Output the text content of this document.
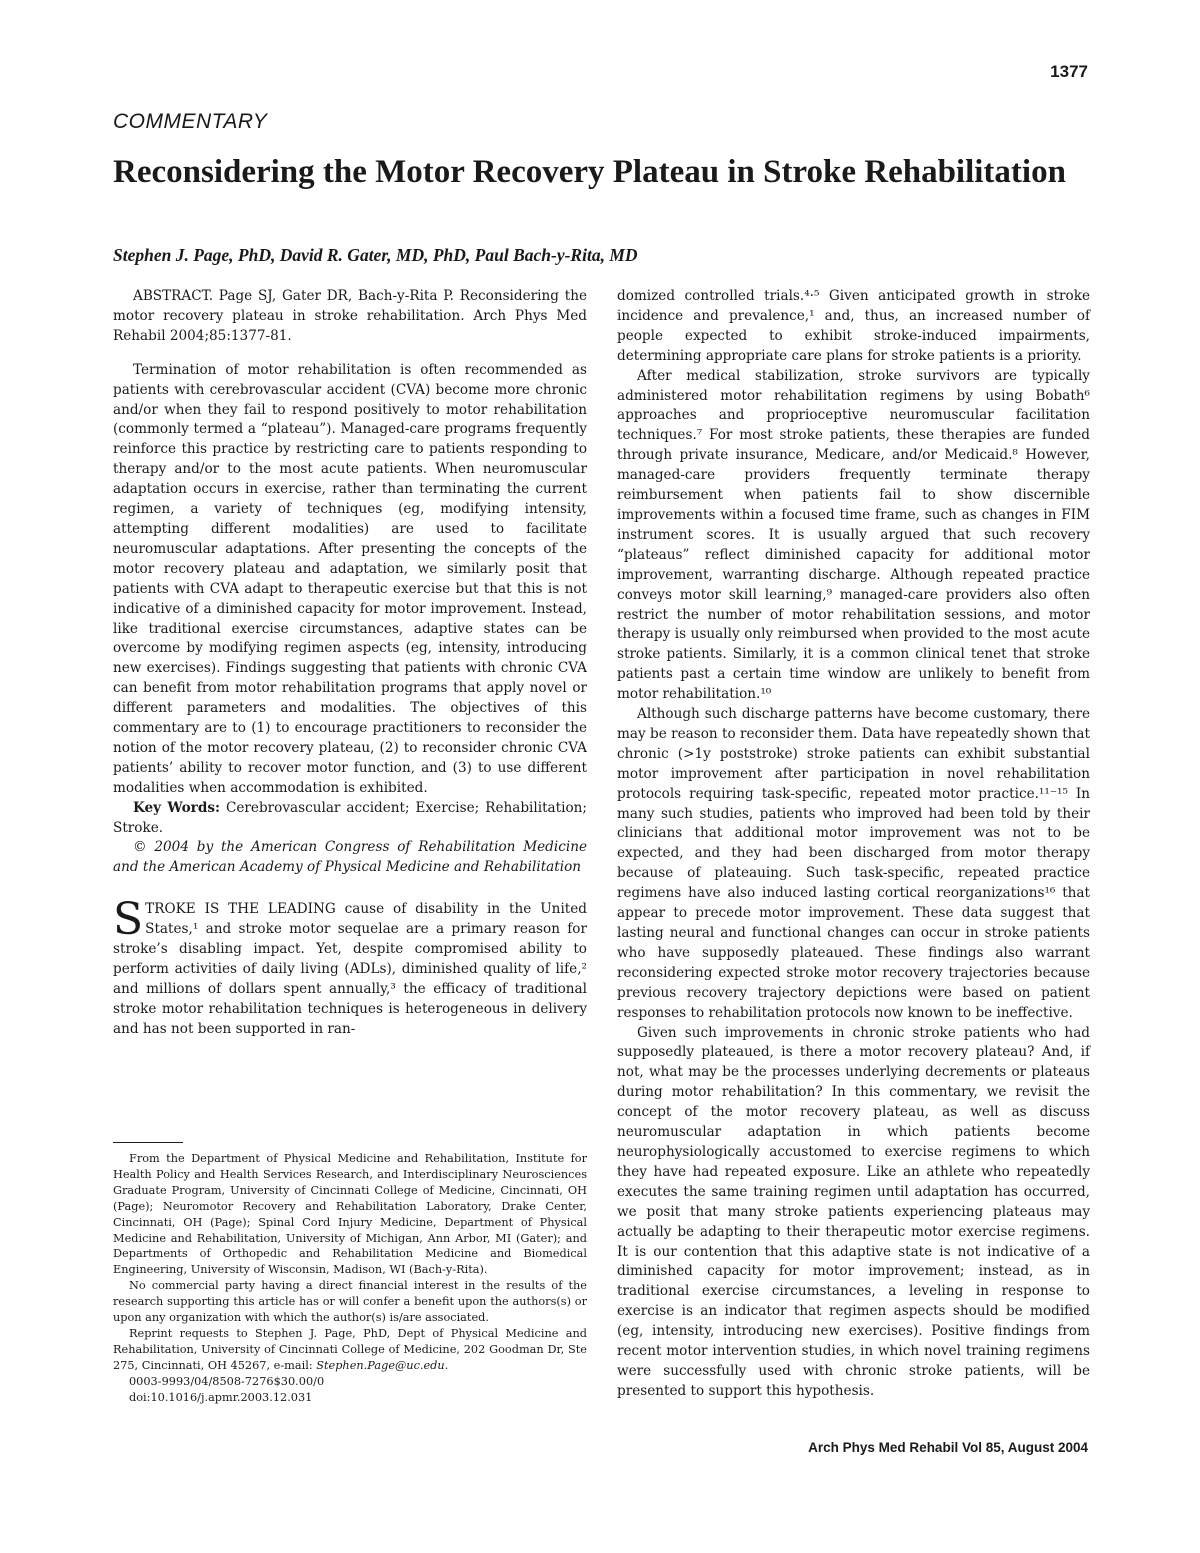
1377
COMMENTARY
Reconsidering the Motor Recovery Plateau in Stroke Rehabilitation
Stephen J. Page, PhD, David R. Gater, MD, PhD, Paul Bach-y-Rita, MD

ABSTRACT. Page SJ, Gater DR, Bach-y-Rita P. Reconsidering the motor recovery plateau in stroke rehabilitation. Arch Phys Med Rehabil 2004;85:1377-81.

Termination of motor rehabilitation is often recommended as patients with cerebrovascular accident (CVA) become more chronic and/or when they fail to respond positively to motor rehabilitation (commonly termed a “plateau”). Managed-care programs frequently reinforce this practice by restricting care to patients responding to therapy and/or to the most acute patients. When neuromuscular adaptation occurs in exercise, rather than terminating the current regimen, a variety of techniques (eg, modifying intensity, attempting different modalities) are used to facilitate neuromuscular adaptations. After presenting the concepts of the motor recovery plateau and adaptation, we similarly posit that patients with CVA adapt to therapeutic exercise but that this is not indicative of a diminished capacity for motor improvement. Instead, like traditional exercise circumstances, adaptive states can be overcome by modifying regimen aspects (eg, intensity, introducing new exercises). Findings suggesting that patients with chronic CVA can benefit from motor rehabilitation programs that apply novel or different parameters and modalities. The objectives of this commentary are to (1) to encourage practitioners to reconsider the notion of the motor recovery plateau, (2) to reconsider chronic CVA patients’ ability to recover motor function, and (3) to use different modalities when accommodation is exhibited.

Key Words: Cerebrovascular accident; Exercise; Rehabilitation; Stroke.

© 2004 by the American Congress of Rehabilitation Medicine and the American Academy of Physical Medicine and Rehabilitation

STROKE IS THE LEADING cause of disability in the United States,¹ and stroke motor sequelae are a primary reason for stroke’s disabling impact. Yet, despite compromised ability to perform activities of daily living (ADLs), diminished quality of life,² and millions of dollars spent annually,³ the efficacy of traditional stroke motor rehabilitation techniques is heterogeneous in delivery and has not been supported in ran-

From the Department of Physical Medicine and Rehabilitation, Institute for Health Policy and Health Services Research, and Interdisciplinary Neurosciences Graduate Program, University of Cincinnati College of Medicine, Cincinnati, OH (Page); Neuromotor Recovery and Rehabilitation Laboratory, Drake Center, Cincinnati, OH (Page); Spinal Cord Injury Medicine, Department of Physical Medicine and Rehabilitation, University of Michigan, Ann Arbor, MI (Gater); and Departments of Orthopedic and Rehabilitation Medicine and Biomedical Engineering, University of Wisconsin, Madison, WI (Bach-y-Rita).

No commercial party having a direct financial interest in the results of the research supporting this article has or will confer a benefit upon the authors(s) or upon any organization with which the author(s) is/are associated.

Reprint requests to Stephen J. Page, PhD, Dept of Physical Medicine and Rehabilitation, University of Cincinnati College of Medicine, 202 Goodman Dr, Ste 275, Cincinnati, OH 45267, e-mail: Stephen.Page@uc.edu.

0003-9993/04/8508-7276$30.00/0

doi:10.1016/j.apmr.2003.12.031

domized controlled trials.⁴·⁵ Given anticipated growth in stroke incidence and prevalence,¹ and, thus, an increased number of people expected to exhibit stroke-induced impairments, determining appropriate care plans for stroke patients is a priority.

After medical stabilization, stroke survivors are typically administered motor rehabilitation regimens by using Bobath⁶ approaches and proprioceptive neuromuscular facilitation techniques.⁷ For most stroke patients, these therapies are funded through private insurance, Medicare, and/or Medicaid.⁸ However, managed-care providers frequently terminate therapy reimbursement when patients fail to show discernible improvements within a focused time frame, such as changes in FIM instrument scores. It is usually argued that such recovery “plateaus” reflect diminished capacity for additional motor improvement, warranting discharge. Although repeated practice conveys motor skill learning,⁹ managed-care providers also often restrict the number of motor rehabilitation sessions, and motor therapy is usually only reimbursed when provided to the most acute stroke patients. Similarly, it is a common clinical tenet that stroke patients past a certain time window are unlikely to benefit from motor rehabilitation.¹⁰

Although such discharge patterns have become customary, there may be reason to reconsider them. Data have repeatedly shown that chronic (>1y poststroke) stroke patients can exhibit substantial motor improvement after participation in novel rehabilitation protocols requiring task-specific, repeated motor practice.¹¹⁻¹⁵ In many such studies, patients who improved had been told by their clinicians that additional motor improvement was not to be expected, and they had been discharged from motor therapy because of plateauing. Such task-specific, repeated practice regimens have also induced lasting cortical reorganizations¹⁶ that appear to precede motor improvement. These data suggest that lasting neural and functional changes can occur in stroke patients who have supposedly plateaued. These findings also warrant reconsidering expected stroke motor recovery trajectories because previous recovery trajectory depictions were based on patient responses to rehabilitation protocols now known to be ineffective.

Given such improvements in chronic stroke patients who had supposedly plateaued, is there a motor recovery plateau? And, if not, what may be the processes underlying decrements or plateaus during motor rehabilitation? In this commentary, we revisit the concept of the motor recovery plateau, as well as discuss neuromuscular adaptation in which patients become neurophysiologically accustomed to exercise regimens to which they have had repeated exposure. Like an athlete who repeatedly executes the same training regimen until adaptation has occurred, we posit that many stroke patients experiencing plateaus may actually be adapting to their therapeutic motor exercise regimens. It is our contention that this adaptive state is not indicative of a diminished capacity for motor improvement; instead, as in traditional exercise circumstances, a leveling in response to exercise is an indicator that regimen aspects should be modified (eg, intensity, introducing new exercises). Positive findings from recent motor intervention studies, in which novel training regimens were successfully used with chronic stroke patients, will be presented to support this hypothesis.

Arch Phys Med Rehabil Vol 85, August 2004
